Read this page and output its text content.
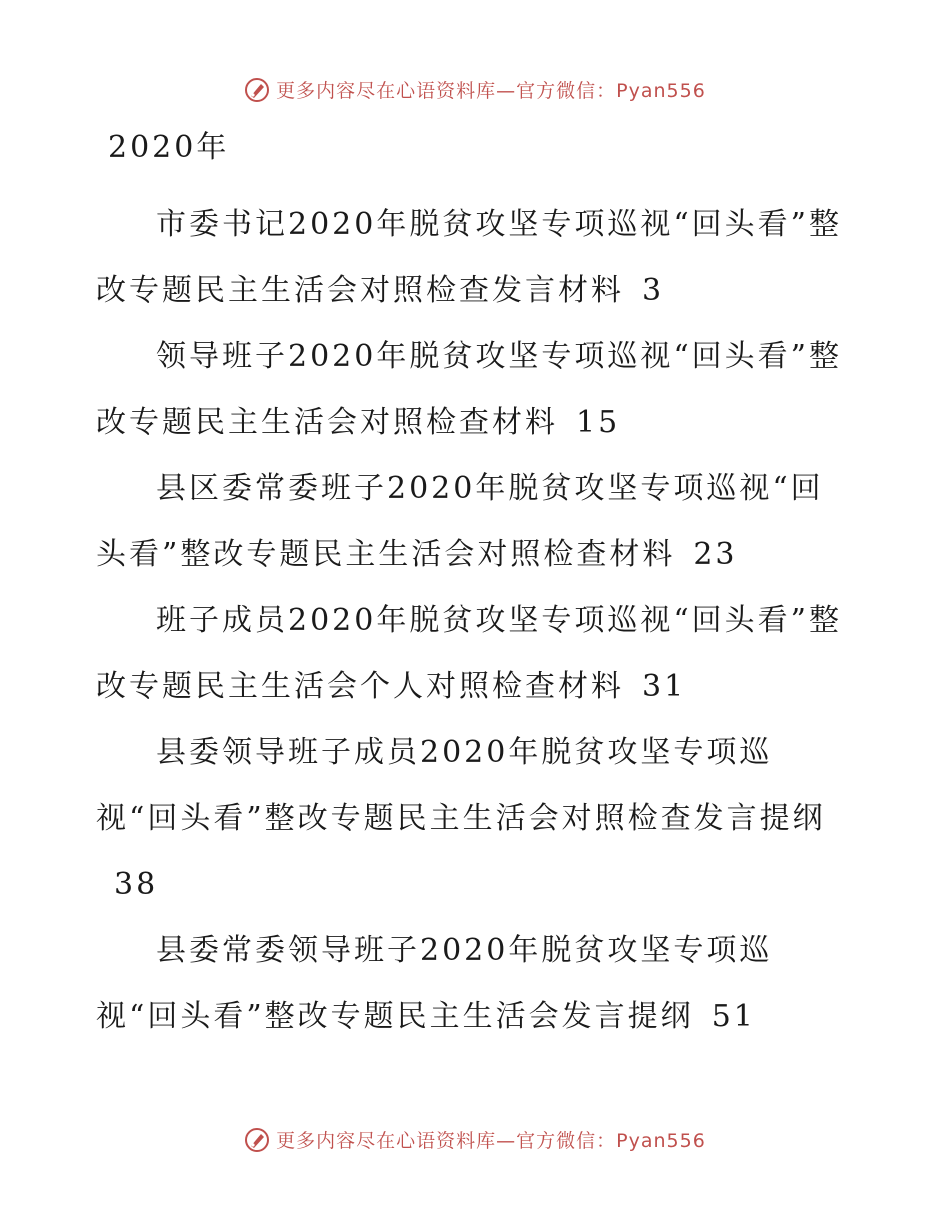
更多内容尽在心语资料库—官方微信：Pyan556
2020年
市委书记2020年脱贫攻坚专项巡视“回头看”整改专题民主生活会对照检查发言材料 3
领导班子2020年脱贫攻坚专项巡视“回头看”整改专题民主生活会对照检查材料 15
县区委常委班子2020年脱贫攻坚专项巡视“回头看”整改专题民主生活会对照检查材料 23
班子成员2020年脱贫攻坚专项巡视“回头看”整改专题民主生活会个人对照检查材料 31
县委领导班子成员2020年脱贫攻坚专项巡视“回头看”整改专题民主生活会对照检查发言提纲38
县委常委领导班子2020年脱贫攻坚专项巡视“回头看”整改专题民主生活会发言提纲 51
更多内容尽在心语资料库—官方微信：Pyan556
